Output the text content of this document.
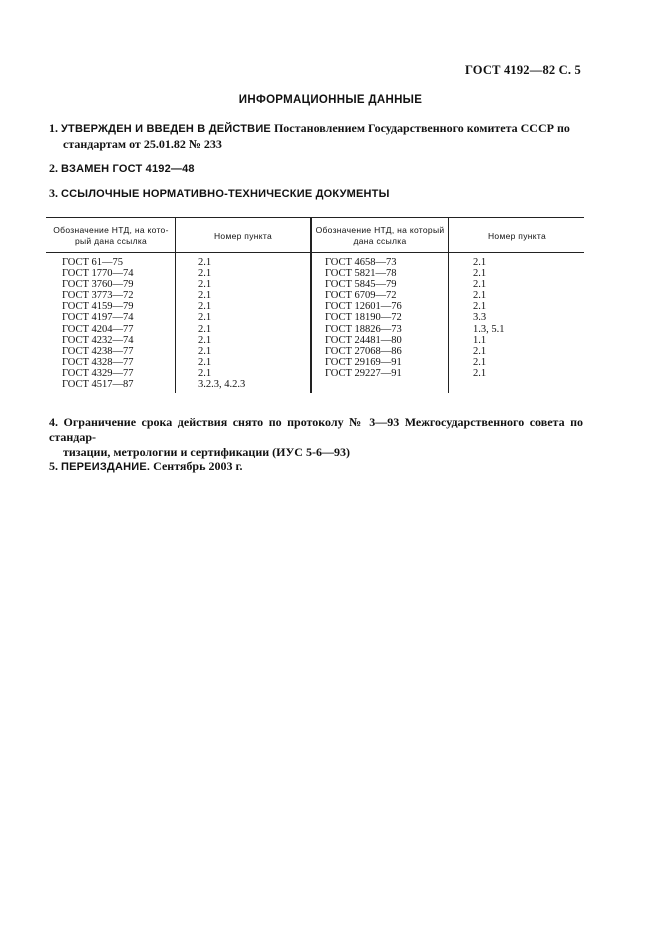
ГОСТ 4192—82 С. 5
ИНФОРМАЦИОННЫЕ ДАННЫЕ
1. УТВЕРЖДЕН И ВВЕДЕН В ДЕЙСТВИЕ Постановлением Государственного комитета СССР по
стандартам от 25.01.82 № 233
2. ВЗАМЕН ГОСТ 4192—48
3. ССЫЛОЧНЫЕ НОРМАТИВНО-ТЕХНИЧЕСКИЕ ДОКУМЕНТЫ
Обозначение НТД, на кото-рый дана ссылка
Номер пункта
Обозначение НТД, на который дана ссылка
Номер пункта
ГОСТ 61—75
ГОСТ 1770—74
ГОСТ 3760—79
ГОСТ 3773—72
ГОСТ 4159—79
ГОСТ 4197—74
ГОСТ 4204—77
ГОСТ 4232—74
ГОСТ 4238—77
ГОСТ 4328—77
ГОСТ 4329—77
ГОСТ 4517—87
2.1
2.1
2.1
2.1
2.1
2.1
2.1
2.1
2.1
2.1
2.1
3.2.3, 4.2.3
ГОСТ 4658—73
ГОСТ 5821—78
ГОСТ 5845—79
ГОСТ 6709—72
ГОСТ 12601—76
ГОСТ 18190—72
ГОСТ 18826—73
ГОСТ 24481—80
ГОСТ 27068—86
ГОСТ 29169—91
ГОСТ 29227—91
2.1
2.1
2.1
2.1
2.1
3.3
1.3, 5.1
1.1
2.1
2.1
2.1
4. Ограничение срока действия снято по протоколу № 3—93 Межгосударственного совета по стандар-
тизации, метрологии и сертификации (ИУС 5-6—93)
5. ПЕРЕИЗДАНИЕ. Сентябрь 2003 г.
